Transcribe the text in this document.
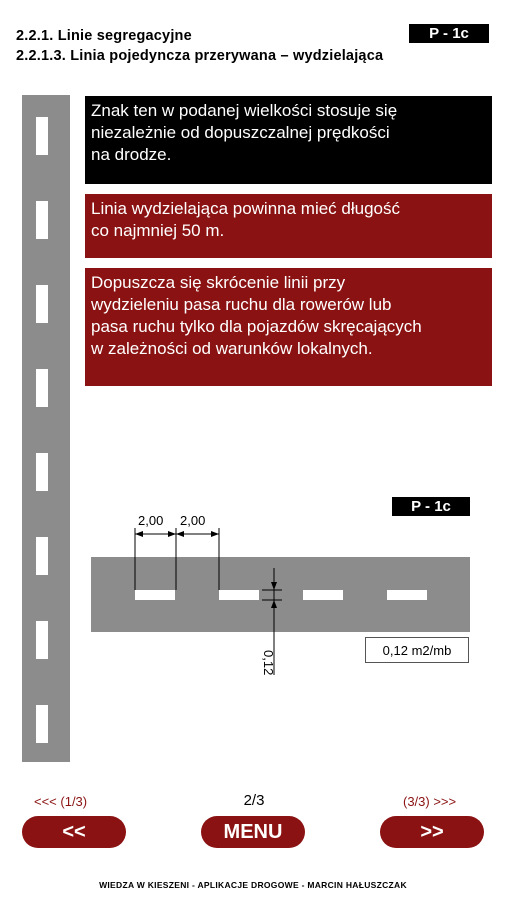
2.2.1. Linie segregacyjne
2.2.1.3. Linia pojedyncza przerywana – wydzielająca
P - 1c
Znak ten w podanej wielkości stosuje się
niezależnie od dopuszczalnej prędkości
na drodze.
Linia wydzielająca powinna mieć długość
co najmniej 50 m.
Dopuszcza się skrócenie linii przy
wydzieleniu pasa ruchu dla rowerów lub
pasa ruchu tylko dla pojazdów skręcających
w zależności od warunków lokalnych.
P - 1c
2,00 2,00
0,12	0,12 m2/mb
<<< (1/3)	2/3	(3/3) >>>
<<	MENU	>>
WIEDZA W KIESZENI - APLIKACJE DROGOWE - MARCIN HAŁUSZCZAK
